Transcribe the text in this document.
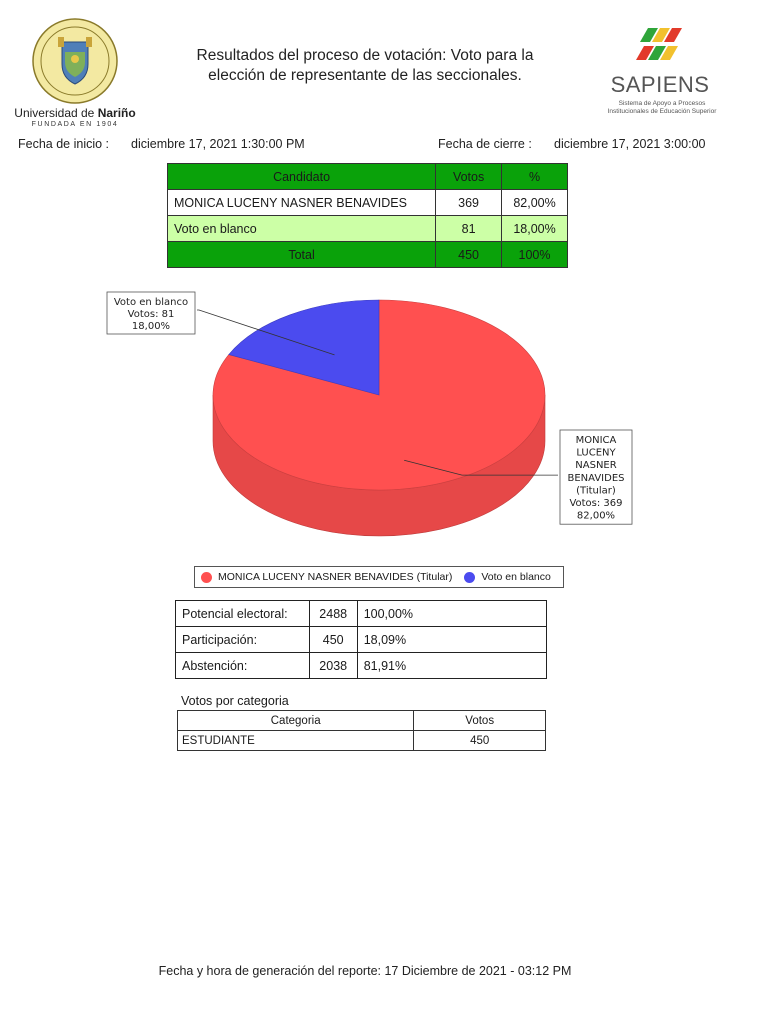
Universidad de Nariño
FUNDADA EN 1904
Resultados del proceso de votación: Voto para la
elección de representante de las seccionales.	SAPIENS
Sistema de Apoyo a Procesos
Institucionales de Educación Superior
Fecha de inicio : diciembre 17, 2021 1:30:00 PM	Fecha de cierre : diciembre 17, 2021 3:00:00
Candidato	Votos	%
MONICA LUCENY NASNER BENAVIDES	369	82,00%
Voto en blanco	81	18,00%
Total	450	100%
MONICA
LUCENY
NASNER
BENAVIDES
(Titular)
Votos: 369
82,00%
Voto en blanco
Votos: 81
18,00%
MONICA LUCENY NASNER BENAVIDES (Titular)	Voto en blanco
Potencial electoral:	2488	100,00%
Participación:	450	18,09%
Abstención:	2038	81,91%
Votos por categoria
Categoria	Votos
ESTUDIANTE	450
Fecha y hora de generación del reporte: 17 Diciembre de 2021 - 03:12 PM
